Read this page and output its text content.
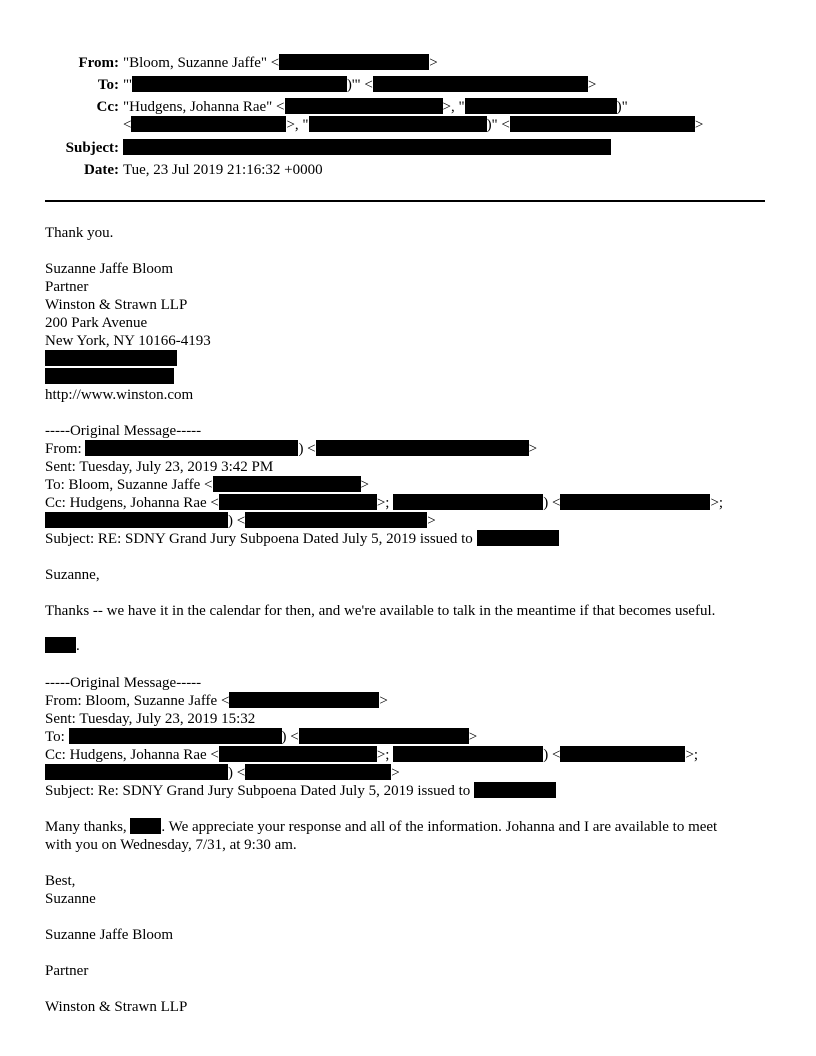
From: "Bloom, Suzanne Jaffe" <	>
To: "'	)'" <	>
Cc: "Hudgens, Johanna Rae" <	>, "	)"
<	>, "	)" <	>
Subject:
Date: Tue, 23 Jul 2019 21:16:32 +0000
Thank you.
Suzanne Jaffe Bloom
Partner
Winston & Strawn LLP
200 Park Avenue
New York, NY 10166-4193
http://www.winston.com
-----Original Message-----
From:	) <	>
Sent: Tuesday, July 23, 2019 3:42 PM
To: Bloom, Suzanne Jaffe <	>
Cc: Hudgens, Johanna Rae <	>;	) <	>;
) <	>
Subject: RE: SDNY Grand Jury Subpoena Dated July 5, 2019 issued to
Suzanne,
Thanks -- we have it in the calendar for then, and we're available to talk in the meantime if that becomes useful.
.
-----Original Message-----
From: Bloom, Suzanne Jaffe <	>
Sent: Tuesday, July 23, 2019 15:32
To:	) <	>
Cc: Hudgens, Johanna Rae <	>;	) <	>;
) <	>
Subject: Re: SDNY Grand Jury Subpoena Dated July 5, 2019 issued to
Many thanks, . We appreciate your response and all of the information. Johanna and I are available to meet
with you on Wednesday, 7/31, at 9:30 am.
Best,
Suzanne
Suzanne Jaffe Bloom
Partner
Winston & Strawn LLP
